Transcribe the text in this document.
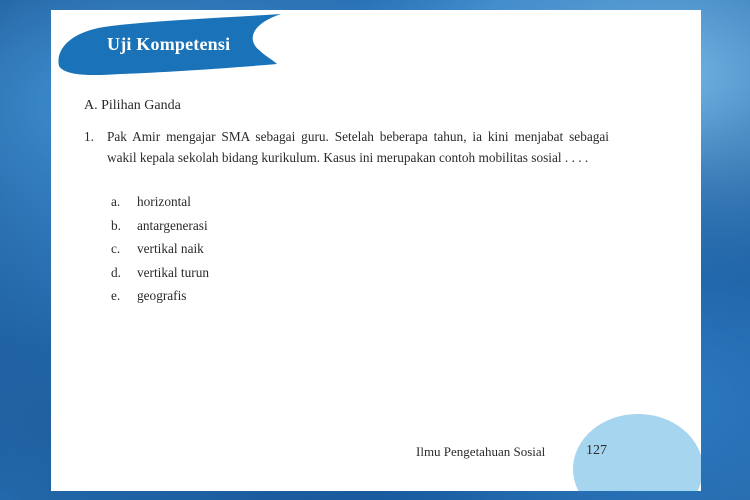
Uji Kompetensi
A. Pilihan Ganda
1. Pak Amir mengajar SMA sebagai guru. Setelah beberapa tahun, ia kini menjabat sebagai wakil kepala sekolah bidang kurikulum. Kasus ini merupakan contoh mobilitas sosial . . . .
a. horizontal
b. antargenerasi
c. vertikal naik
d. vertikal turun
e. geografis
Ilmu Pengetahuan Sosial	127
